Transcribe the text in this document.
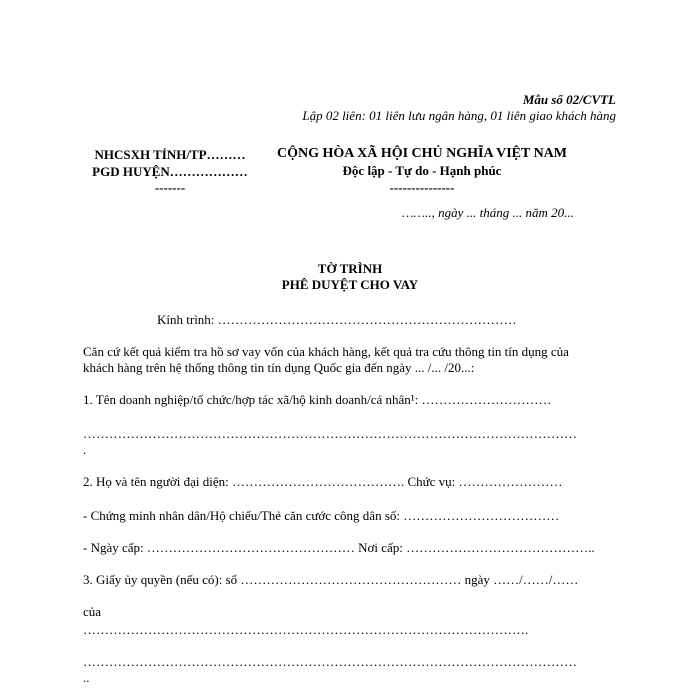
Mẫu số 02/CVTL
Lập 02 liên: 01 liên lưu ngân hàng, 01 liên giao khách hàng
NHCSXH TỈNH/TP………
PGD HUYỆN………………
-------
CỘNG HÒA XÃ HỘI CHỦ NGHĨA VIỆT NAM
Độc lập - Tự do - Hạnh phúc
---------------
…….., ngày ... tháng ... năm 20...
TỜ TRÌNH
PHÊ DUYỆT CHO VAY
Kính trình: ……………………………………………………………
Căn cứ kết quả kiểm tra hồ sơ vay vốn của khách hàng, kết quả tra cứu thông tin tín dụng của
khách hàng trên hệ thống thông tin tín dụng Quốc gia đến ngày ... /... /20...:
1. Tên doanh nghiệp/tổ chức/hợp tác xã/hộ kinh doanh/cá nhân¹: …………………………
……………………………………………………………………………………………………
.
2. Họ và tên người đại diện: …………………………………. Chức vụ: ……………………
- Chứng minh nhân dân/Hộ chiếu/Thẻ căn cước công dân số: ………………………………
- Ngày cấp: ………………………………………… Nơi cấp: ……………………………………..
3. Giấy ủy quyền (nếu có): số …………………………………………… ngày ……/……/……
của
………………………………………………………………………………………….
……………………………………………………………………………………………………
..
